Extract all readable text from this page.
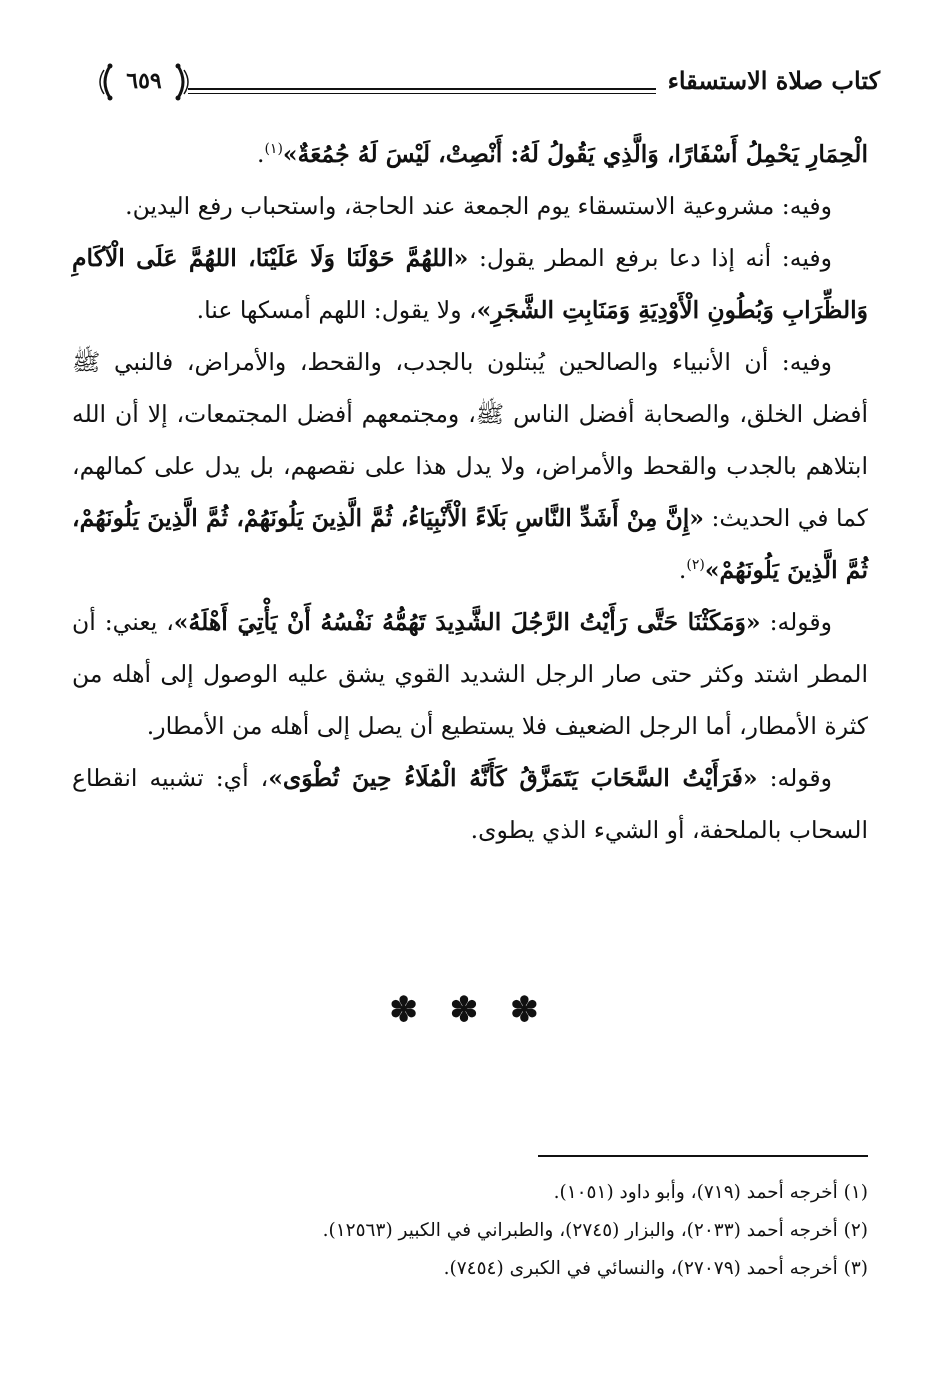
كتاب صلاة الاستسقاء
٦٥٩

الْحِمَارِ يَحْمِلُ أَسْفَارًا، وَالَّذِي يَقُولُ لَهُ: أَنْصِتْ، لَيْسَ لَهُ جُمُعَةٌ»$^{(١)}$.

وفيه: مشروعية الاستسقاء يوم الجمعة عند الحاجة، واستحباب رفع اليدين.

وفيه: أنه إذا دعا برفع المطر يقول: «اللهُمَّ حَوْلَنَا وَلَا عَلَيْنَا، اللهُمَّ عَلَى الْآكَامِ وَالظِّرَابِ وَبُطُونِ الْأَوْدِيَةِ وَمَنَابِتِ الشَّجَرِ»، ولا يقول: اللهم أمسكها عنا.

وفيه: أن الأنبياء والصالحين يُبتلون بالجدب، والقحط، والأمراض، فالنبي ﷺ أفضل الخلق، والصحابة أفضل الناس ﷺ، ومجتمعهم أفضل المجتمعات، إلا أن الله ابتلاهم بالجدب والقحط والأمراض، ولا يدل هذا على نقصهم، بل يدل على كمالهم، كما في الحديث: «إِنَّ مِنْ أَشَدِّ النَّاسِ بَلَاءً الْأَنْبِيَاءُ، ثُمَّ الَّذِينَ يَلُونَهُمْ، ثُمَّ الَّذِينَ يَلُونَهُمْ، ثُمَّ الَّذِينَ يَلُونَهُمْ»$^{(٢)}$.

وقوله: «وَمَكَثْنَا حَتَّى رَأَيْتُ الرَّجُلَ الشَّدِيدَ تَهُمُّهُ نَفْسُهُ أَنْ يَأْتِيَ أَهْلَهُ»، يعني: أن المطر اشتد وكثر حتى صار الرجل الشديد القوي يشق عليه الوصول إلى أهله من كثرة الأمطار، أما الرجل الضعيف فلا يستطيع أن يصل إلى أهله من الأمطار.

وقوله: «فَرَأَيْتُ السَّحَابَ يَتَمَزَّقُ كَأَنَّهُ الْمُلَاءُ حِينَ تُطْوَى»، أي: تشبيه انقطاع السحاب بالملحفة، أو الشيء الذي يطوى.

✽ ✽ ✽
(١) أخرجه أحمد (٧١٩)، وأبو داود (١٠٥١).
(٢) أخرجه أحمد (٢٠٣٣)، والبزار (٢٧٤٥)، والطبراني في الكبير (١٢٥٦٣).
(٣) أخرجه أحمد (٢٧٠٧٩)، والنسائي في الكبرى (٧٤٥٤).
